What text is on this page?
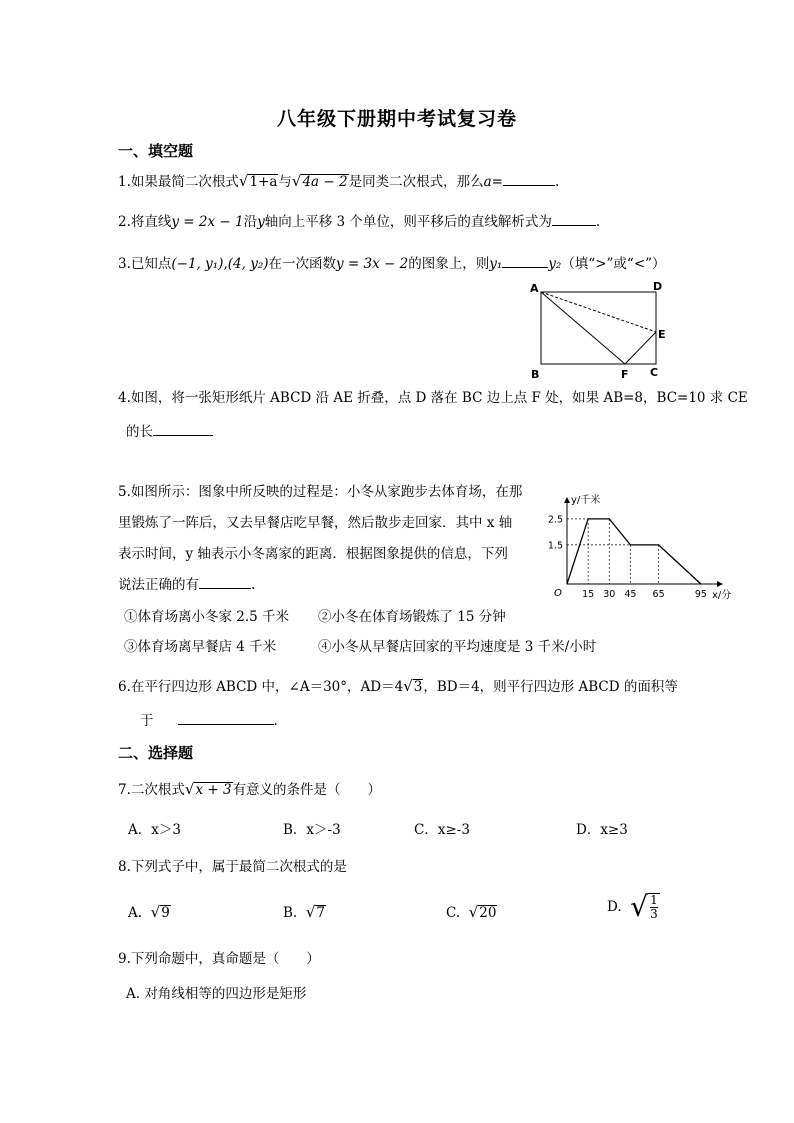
八年级下册期中考试复习卷
一、填空题
1.如果最简二次根式√1+a与√4a − 2是同类二次根式，那么a=	.
2.将直线y = 2x − 1沿y轴向上平移 3 个单位，则平移后的直线解析式为	.
3.已知点(−1, y₁),(4, y₂)在一次函数y = 3x − 2的图象上，则y₁	y₂（填“>”或“<”）
A	D
E
B	F C
4.如图，将一张矩形纸片 ABCD 沿 AE 折叠，点 D 落在 BC 边上点 F 处，如果 AB=8，BC=10 求 CE
的长
5.如图所示：图象中所反映的过程是：小冬从家跑步去体育场，在那
里锻炼了一阵后，又去早餐店吃早餐，然后散步走回家．其中 x 轴
表示时间，y 轴表示小冬离家的距离．根据图象提供的信息，下列
说法正确的有	.
①体育场离小冬家 2.5 千米 ②小冬在体育场锻炼了 15 分钟
③体育场离早餐店 4 千米	④小冬从早餐店回家的平均速度是 3 千米/小时
15 30 45 65	95
1.5
2.5
O
y/千米
x/分
6.在平行四边形 ABCD 中，∠A＝30°，AD＝4√3，BD＝4，则平行四边形 ABCD 的面积等
于	.
二、选择题
7.二次根式√x + 3有意义的条件是（　　）
A．x＞3	B．x＞-3	C．x≥-3	D．x≥3
8.下列式子中，属于最简二次根式的是
A. √9	B. √7	C. √20	D. √ $\frac{1}{3}$
9.下列命题中，真命题是（　　）
A. 对角线相等的四边形是矩形
